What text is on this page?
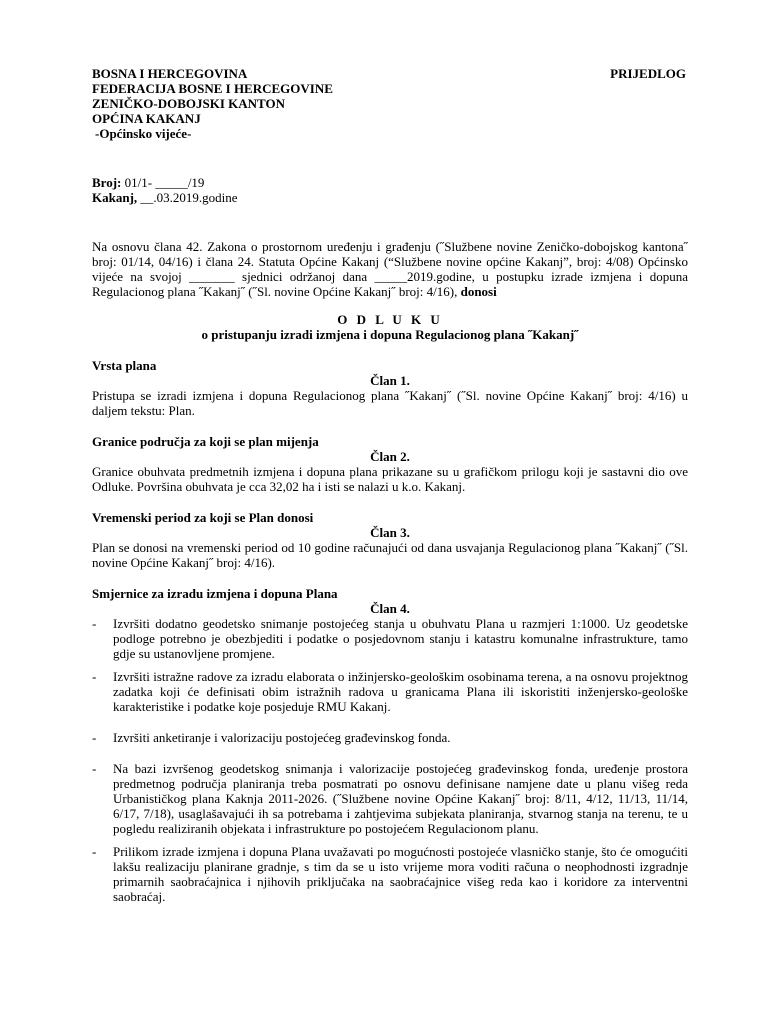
BOSNA I HERCEGOVINA
FEDERACIJA BOSNE I HERCEGOVINE
ZENIČKO-DOBOJSKI KANTON
OPĆINA KAKANJ
-Općinsko vijeće-
PRIJEDLOG
Broj: 01/1- _____/19
Kakanj, __.03.2019.godine
Na osnovu člana 42. Zakona o prostornom uređenju i građenju (˝Službene novine Zeničko-dobojskog kantona˝ broj: 01/14, 04/16) i člana 24. Statuta Općine Kakanj (“Službene novine općine Kakanj”, broj: 4/08) Općinsko vijeće na svojoj _______ sjednici održanoj dana _____2019.godine, u postupku izrade izmjena i dopuna Regulacionog plana ˝Kakanj˝ (˝Sl. novine Općine Kakanj˝ broj: 4/16), donosi
O D L U K U
o pristupanju izradi izmjena i dopuna Regulacionog plana ˝Kakanj˝
Vrsta plana
Član 1.
Pristupa se izradi izmjena i dopuna Regulacionog plana ˝Kakanj˝ (˝Sl. novine Općine Kakanj˝ broj: 4/16) u daljem tekstu: Plan.
Granice područja za koji se plan mijenja
Član 2.
Granice obuhvata predmetnih izmjena i dopuna plana prikazane su u grafičkom prilogu koji je sastavni dio ove Odluke. Površina obuhvata je cca 32,02 ha i isti se nalazi u k.o. Kakanj.
Vremenski period za koji se Plan donosi
Član 3.
Plan se donosi na vremenski period od 10 godine računajući od dana usvajanja Regulacionog plana ˝Kakanj˝ (˝Sl. novine Općine Kakanj˝ broj: 4/16).
Smjernice za izradu izmjena i dopuna Plana
Član 4.
- Izvršiti dodatno geodetsko snimanje postojećeg stanja u obuhvatu Plana u razmjeri 1:1000. Uz geodetske podloge potrebno je obezbjediti i podatke o posjedovnom stanju i katastru komunalne infrastrukture, tamo gdje su ustanovljene promjene.
- Izvršiti istražne radove za izradu elaborata o inžinjersko-geološkim osobinama terena, a na osnovu projektnog zadatka koji će definisati obim istražnih radova u granicama Plana ili iskoristiti inženjersko-geološke karakteristike i podatke koje posjeduje RMU Kakanj.
- Izvršiti anketiranje i valorizaciju postojećeg građevinskog fonda.
- Na bazi izvršenog geodetskog snimanja i valorizacije postojećeg građevinskog fonda, uređenje prostora predmetnog područja planiranja treba posmatrati po osnovu definisane namjene date u planu višeg reda Urbanističkog plana Kaknja 2011-2026. (˝Službene novine Općine Kakanj˝ broj: 8/11, 4/12, 11/13, 11/14, 6/17, 7/18), usaglašavajući ih sa potrebama i zahtjevima subjekata planiranja, stvarnog stanja na terenu, te u pogledu realiziranih objekata i infrastrukture po postojećem Regulacionom planu.
- Prilikom izrade izmjena i dopuna Plana uvažavati po mogućnosti postojeće vlasničko stanje, što će omogućiti lakšu realizaciju planirane gradnje, s tim da se u isto vrijeme mora voditi računa o neophodnosti izgradnje primarnih saobraćajnica i njihovih priključaka na saobraćajnice višeg reda kao i koridore za interventni saobraćaj.
